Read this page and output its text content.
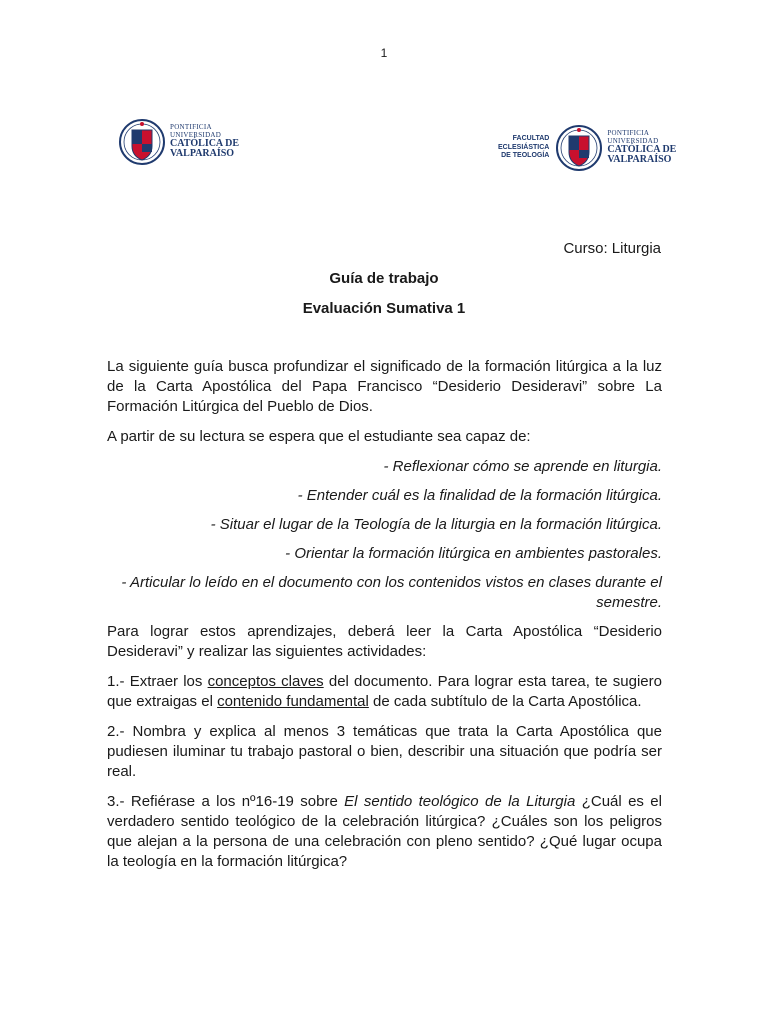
1
PONTIFICIA
UNIVERSIDAD
CATÓLICA DE
VALPARAÍSO
FACULTAD
ECLESIÁSTICA
DE TEOLOGÍA
PONTIFICIA
UNIVERSIDAD
CATÓLICA DE
VALPARAÍSO
Curso: Liturgia
Guía de trabajo
Evaluación Sumativa 1

La siguiente guía busca profundizar el significado de la formación litúrgica a la luz de la Carta Apostólica del Papa Francisco “Desiderio Desideravi” sobre La Formación Litúrgica del Pueblo de Dios.

A partir de su lectura se espera que el estudiante sea capaz de:

- Reflexionar cómo se aprende en liturgia.

- Entender cuál es la finalidad de la formación litúrgica.

- Situar el lugar de la Teología de la liturgia en la formación litúrgica.

- Orientar la formación litúrgica en ambientes pastorales.

- Articular lo leído en el documento con los contenidos vistos en clases durante el semestre.

Para lograr estos aprendizajes, deberá leer la Carta Apostólica “Desiderio Desideravi” y realizar las siguientes actividades:

1.- Extraer los conceptos claves del documento. Para lograr esta tarea, te sugiero que extraigas el contenido fundamental de cada subtítulo de la Carta Apostólica.

2.- Nombra y explica al menos 3 temáticas que trata la Carta Apostólica que pudiesen iluminar tu trabajo pastoral o bien, describir una situación que podría ser real.

3.- Refiérase a los nº16-19 sobre El sentido teológico de la Liturgia ¿Cuál es el verdadero sentido teológico de la celebración litúrgica? ¿Cuáles son los peligros que alejan a la persona de una celebración con pleno sentido? ¿Qué lugar ocupa la teología en la formación litúrgica?
